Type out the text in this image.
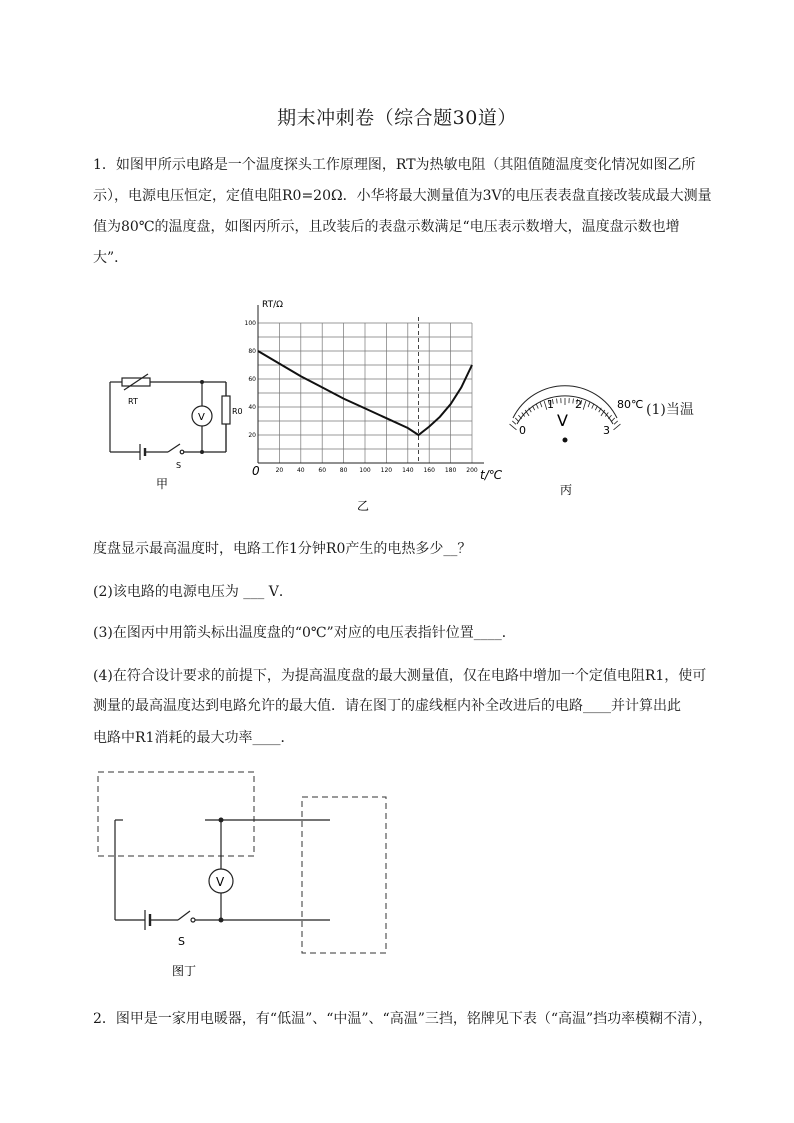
期末冲刺卷（综合题30道）
1．如图甲所示电路是一个温度探头工作原理图，RT为热敏电阻（其阻值随温度变化情况如图乙所示），电源电压恒定，定值电阻R0=20Ω．小华将最大测量值为3V的电压表表盘直接改装成最大测量值为80℃的温度盘，如图丙所示，且改装后的表盘示数满足“电压表示数增大，温度盘示数也增大”．
RT
R0
V
S
甲
20 40 60 80 100 120 140 160 180 200
20
40
60
80
100
RT/Ω
t/℃
0
乙
0
1 2
3
80℃
V
丙
(1)当温
度盘显示最高温度时，电路工作1分钟R0产生的电热多少__？
(2)该电路的电源电压为 ___ V．
(3)在图丙中用箭头标出温度盘的“0℃”对应的电压表指针位置____．
(4)在符合设计要求的前提下，为提高温度盘的最大测量值，仅在电路中增加一个定值电阻R1，使可
测量的最高温度达到电路允许的最大值．请在图丁的虚线框内补全改进后的电路____并计算出此
电路中R1消耗的最大功率____．
V
S
图丁
2．图甲是一家用电暖器，有“低温”、“中温”、“高温”三挡，铭牌见下表（“高温”挡功率模糊不清），
